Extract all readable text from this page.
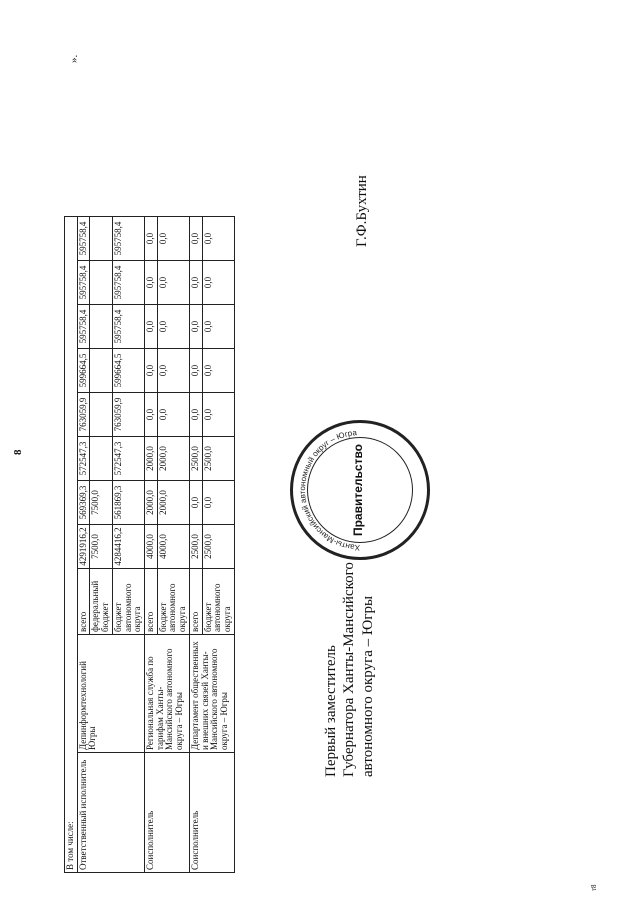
8
В том числе:										
Ответственный исполнитель	Депинформтехнологий Югры	всего	4291916,2	569369,3	572547,3	763059,9	599664,5	595758,4	595758,4	595758,4
		федеральный бюджет	7500,0	7500,0						
		бюджет автономного округа	4284416,2	561869,3	572547,3	763059,9	599664,5	595758,4	595758,4	595758,4
Соисполнитель	Региональная служба по тарифам Ханты-Мансийского автономного округа – Югры	всего	4000,0	2000,0	2000,0	0,0	0,0	0,0	0,0	0,0
		бюджет автономного округа	4000,0	2000,0	2000,0	0,0	0,0	0,0	0,0	0,0
Соисполнитель	Департамент общественных и внешних связей Ханты-Мансийского автономного округа – Югры	всего	2500,0	0,0	2500,0	0,0	0,0	0,0	0,0	0,0
		бюджет автономного округа	2500,0	0,0	2500,0	0,0	0,0	0,0	0,0	0,0
».
Ханты-Мансийский автономный округ – Югра
Правительство
Первый заместитель Губернатора Ханты-Мансийского автономного округа – Югры
Г.Ф.Бухтин
т8
